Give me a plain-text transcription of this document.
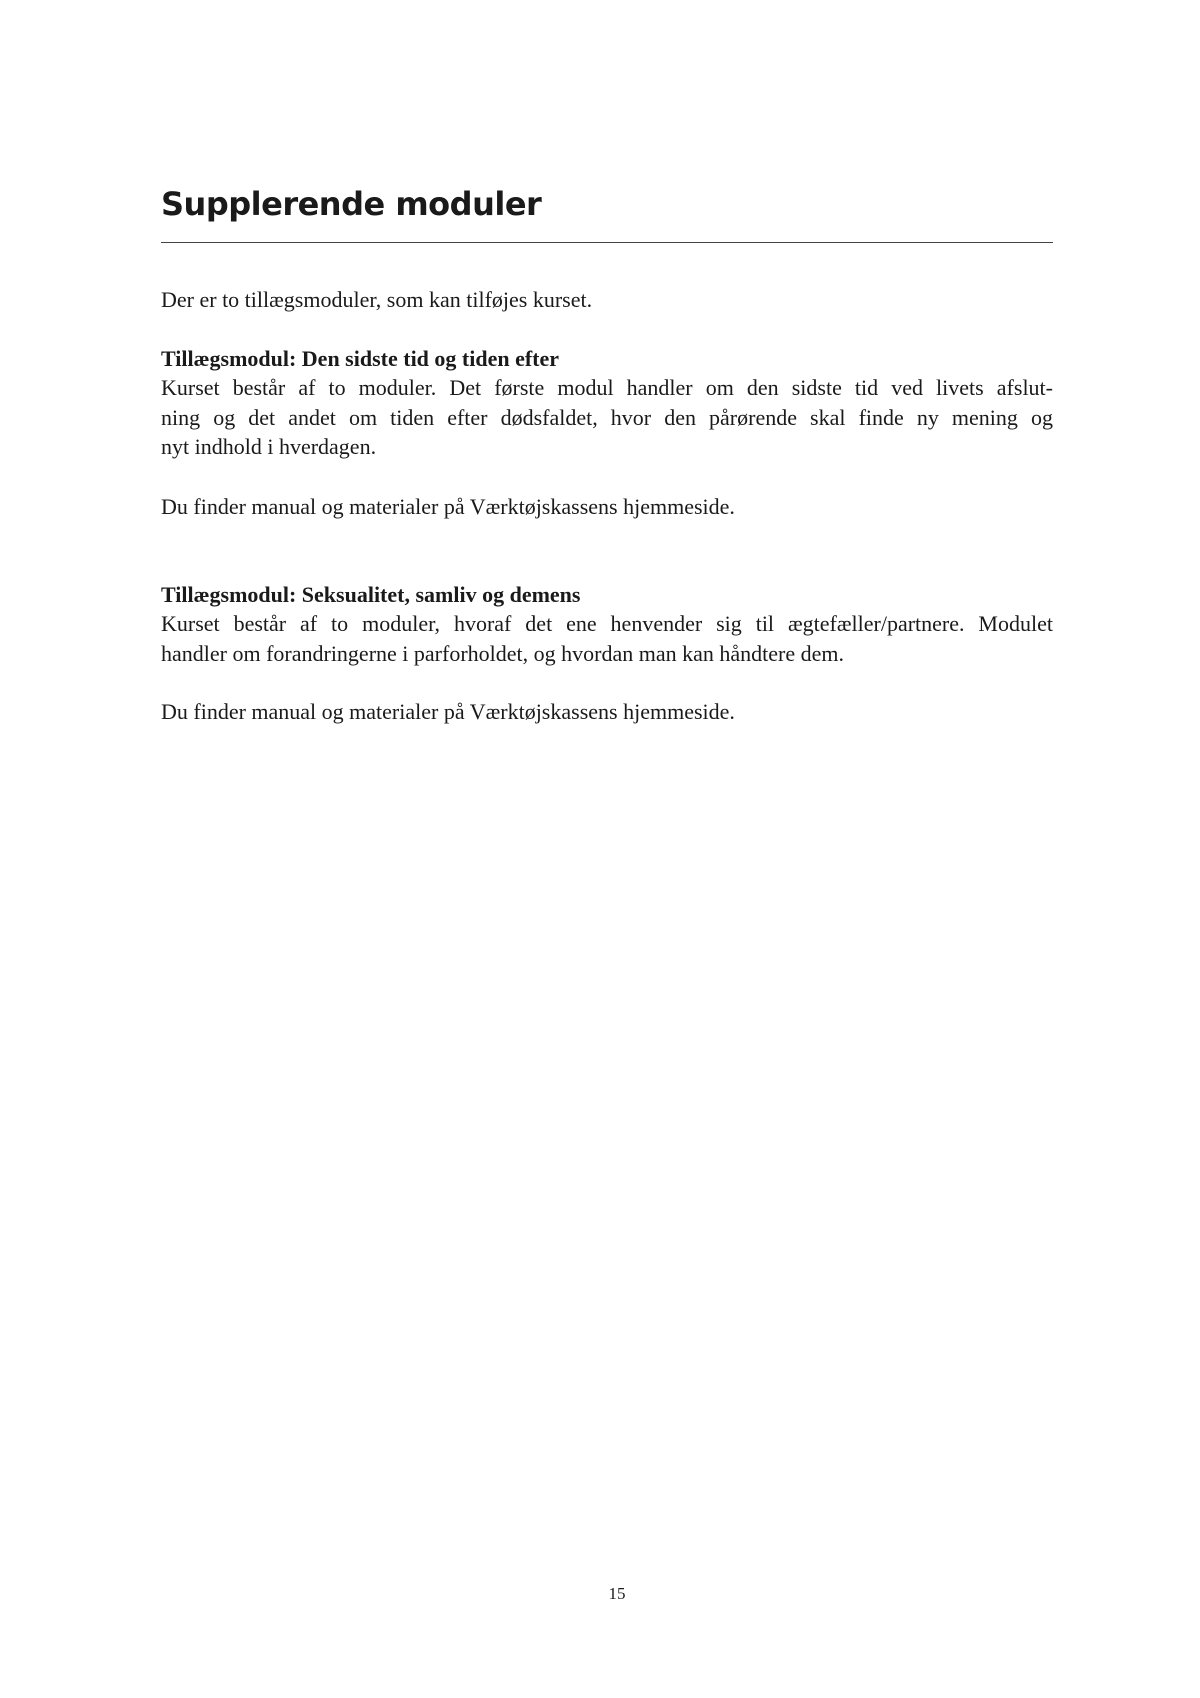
Supplerende moduler

Der er to tillægsmoduler, som kan tilføjes kurset.

Tillægsmodul: Den sidste tid og tiden efter

Kurset består af to moduler. Det første modul handler om den sidste tid ved livets afslut-
ning og det andet om tiden efter dødsfaldet, hvor den pårørende skal finde ny mening og
nyt indhold i hverdagen.

Du finder manual og materialer på Værktøjskassens hjemmeside.

Tillægsmodul: Seksualitet, samliv og demens

Kurset består af to moduler, hvoraf det ene henvender sig til ægtefæller/partnere. Modulet
handler om forandringerne i parforholdet, og hvordan man kan håndtere dem.

Du finder manual og materialer på Værktøjskassens hjemmeside.

15
